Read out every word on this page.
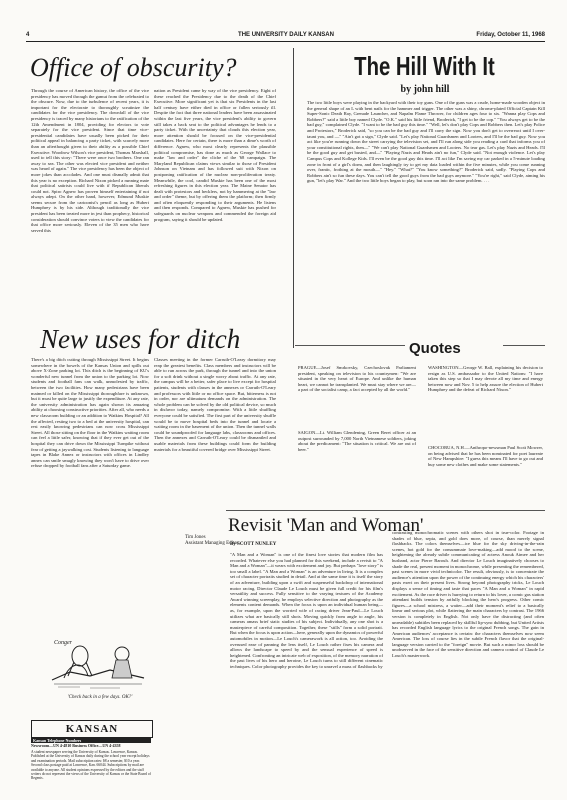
4	THE UNIVERSITY DAILY KANSAN	Friday, October 11, 1968
Office of obscurity?
Through the course of American history, the office of the vice presidency has moved through the gamut from the celebrated to the obscure. Now, due to the turbulence of recent years, it is important for the electorate to thoroughly scrutinize the candidates for the vice presidency. The downfall of the vice presidency is traced by many historians to the ratification of the 12th Amendment in 1804, providing for electors to vote separately for the vice president. Since that time vice-presidential candidates have usually been picked for their political appeal in balancing a party ticket, with scarcely more than an afterthought given to their ability as a possible Chief Executive. Woodrow Wilson's vice president, Thomas Marshall, used to tell this story: "There were once two brothers. One ran away to sea. The other was elected vice president and neither was heard of again." The vice presidency has been the object of more jokes than accolades. And one must dismally admit that this year is no exception. Richard Nixon picked a running mate that political satirists could live with if Republican liberals could not. Spiro Agnew has proven himself entertaining if not always adept. On the other hand, however, Edmund Muskie seems secure from the cartoonist's pencil as long as Hubert Humphrey is by his side. Although traditionally the vice president has been treated more in jest than prophecy, historical consideration should convince voters to view the candidates for that office more seriously. Eleven of the 35 men who have served this
nation as President came by way of the vice presidency. Eight of these reached the Presidency due to the death of the Chief Executive. More significant yet is that six Presidents in the last half century have either died in office or fallen seriously ill. Despite the fact that three national leaders have been assassinated within the last five years, the vice president's ability to govern still takes a back seat to the political advantages he lends to a party ticket. With the uncertainty that clouds this election year, more attention should be focused on the vice-presidential candidates. Here for certain, there is more than a dime's worth of difference. Agnew, who most clearly represents the plausible political compromise, has done as much as George Wallace to make "law and order" the cliche of the '68 campaign. The Maryland Republican claims views similar to those of President Johnson on Vietnam and has followed suit with Nixon on postponing ratification of the nuclear non-proliferation treaty. Meanwhile, the cool, candid Muskie has been one of the most refreshing figures in this election year. The Maine Senator has dealt with protestors and hecklers, not by hammering at the "law and order" theme, but by offering them the platform; then firmly and often eloquently responding to their arguments. He listens and then responds. Compared to Agnew, Muskie has pushed for safeguards on nuclear weapons and commended the foreign aid program, saying it should be updated.
The Hill With It
by john hill
The two little boys were playing in the backyard with their toy guns. One of the guns was a crude, home-made wooden object in the general shape of an L with bent nails for the hammer and trigger. The other was a shiny, chrome-plated Official Captain Kill Super-Sonic Death Ray, Grenade Launcher, and Napalm Flame Thrower, for children ages four to six. "Wanna play Cops and Robbers?" said a little boy named Clyde. "O.K." said his little friend, Broderick, "I get to be the cop." "You always get to be the bad guy," complained Clyde. "I want to be the bad guy this time." "Well, let's don't play Cops and Robbers then. Let's play Police and Protestors," Broderick said, "so you can be the bad guy and I'll carry the sign. Now you don't get to overreact until I over-taunt you, and —" "Ain't got a sign," Clyde said. "Let's play National Guardsmen and Looters, and I'll be the bad guy. Now you act like you're running down the street carrying the television set, and I'll run along side you reading a card that informs you of your constitutional rights, then—" "We can't play National Guardsmen and Looters. No tear gas. Let's play Nazis and Heads. I'll be the good guy and get busted, and—" "Playing Nazis and Heads ain't no fun," Clyde said. "Not enough violence. Let's play Campus Cops and Kollege Kids. I'll even be the good guy this time. I'll act like I'm saving my car parked in a 5-minute loading zone in front of a girl's dorm, and then laughingly try to get my data loaded within the five minutes, while you come running over, frantic, frothing at the mouth—" "Hey." "What?" "You know something?" Broderick said, sadly. "Playing Cops and Robbers ain't so fun these days. You can't tell the good guys from the bad guys anymore." "You're right," said Clyde, aiming his gun, "let's play War." And the two little boys began to play, but soon ran into the same problem. . . .
New uses for ditch
There's a big ditch cutting through Mississippi Street. It begins somewhere in the bowels of the Kansas Union and spills out above X-Zone parking lot. This ditch is the beginning of KU's wonderful new tunnel from the union to the parking lot. Now students and football fans can walk, unmolested by traffic, between the two facilities. How many pedestrians have been maimed or killed on the Mississippi thoroughfare is unknown, but it must be quite large to justify the expenditure. At any rate, the university administration has again shown its amazing ability at choosing constructive priorities. After all, who needs a new classroom building or an addition to Watkins Hospital? All the affected, resting two to a bed at the university hospital, can rest easily knowing pedestrians can now cross Mississippi Street. All those sitting on the floor in the Watkins waiting room can feel a little safer, knowing that if they ever get out of the hospital they can drive down the Mississippi Turnpike without fear of getting a jaywalking cost. Students listening to language tapes in Blake Annex or instructors with offices in Lindley annex can smile smugly knowing they won't have to drive over refuse dropped by football fans after a Saturday game.
Classes meeting in the former Carruth-O'Leary dormitory may reap the greatest benefits. Class members and instructors will be able to run across the park, through the tunnel and into the union for a soft drink without a single worry about traffic. At any rate, the campus will be a better, safer place to live except for hospital patients, students with classes in the annexes or Carruth-O'Leary and professors with little or no office space. But, bitterness is not in order, nor are ultimatum demands on the administration. The whole problem can be solved by the old political device, so much in disfavor today, namely compromise. With a little shuffling everyone could be satisfied. The first part of the university shuffle would be to move hospital beds into the tunnel and locate a waiting room in the basement of the union. Then the tunnel walls could be soundproofed for language labs, classrooms and offices. Then the annexes and Carruth-O'Leary could be dismantled and usable materials from these buildings could form the building materials for a beautiful covered bridge over Mississippi Street.
Tim Jones
Assistant Managing Editor
Quotes
PRAGUE—Josef Smrkovsky, Czechoslovak Parliament president, speaking on television to his countrymen: "We are situated in the very heart of Europe. And unlike the human heart, we cannot be transplanted. We must stay where we are—a part of the socialist camp, a fact accepted by all the world."
SAIGON—Lt. William Glendening, Green Beret officer at an outpost surrounded by 7,000 North Vietnamese soldiers, joking about the predicament: "The situation is critical. We are out of beer."
WASHINGTON—George W. Ball, explaining his decision to resign as U.S. ambassador to the United Nations: "I have taken this step so that I may devote all my time and energy between now and Nov. 5 to help assure the election of Hubert Humphrey and the defeat of Richard Nixon."
CHOCORUA, N.H.—Anthropo-newsman Paul Scott Mowrer, on being advised that he has been nominated for poet laureate of New Hampshire: "I guess this means I'll have to go out and buy some new clothes and make some statements."
Revisit 'Man and Woman'
By SCOTT NUNLEY
"A Man and a Woman" is one of the finest love stories that modern film has recorded. Whatever else you had planned for this weekend, include a revisit to "A Man and a Woman"—it wears with excitement and joy. But perhaps "love story" is too small a label. "A Man and a Woman" is an adventure in living. It is a complex set of character portraits studied in detail. And at the same time it is itself the story of an adventure, building upon a swift and suspenseful backdrop of international motor racing. Director Claude Le Louch must be given full credit for his film's versatility and success. Fully sensitive to the varying textures of the Academy Award winning screenplay, he employs selective direction and photography as the elements content demands. When the focus is upon an individual human being—as, for example, upon the worried wife of racing driver Jean-Paul—Le Louch utilizes what are basically still shots. Moving quickly from angle to angle, his cameras amass brief static studies of his subject. Individually, any one shot is a masterpiece of careful composition. Together, these "stills" form a solid portrait. But when the focus is upon action—here, generally upon the dynamics of powerful automobiles in motion—Le Louch's camerawork is all action, too. Avoiding the overused ease of panning the lens itself, Le Louch rather fixes his camera and allows the landscape to speed by and the sensual experience of speed is heightened. Confronting an intricate web of exposition, of the memory narration of the past lives of his hero and heroine, Le Louch turns to still different cinematic techniques. Color photography provides the key to unravel a mass of flashbacks by
contrasting monochromatic scenes with others shot in true-color. Footage in shades of blue, sepia, and gold does more, of course, than merely signal flashbacks. The colors themselves—ice blue for the sky driving-in-the-rain scenes, hot gold for the consummate love-making—add mood to the scene, heightening the already subtle communicating of actress Anouk Aimee and her husband, actor Pierre Barouh. And director Le Louch imaginatively chooses to shade the real, present moment in monochrome, while presenting the remembered, past scenes in more vivid technicolor. The result, obviously, is to concentrate the audience's attention upon the power of the continuing energy which his characters' pasts exert on their present lives. Strong beyond photography tricks, Le Louch displays a sense of timing and taste that paces "A Man and a Woman" in rapid excitement. As the race driver is hurrying to return to his lover, a comic gas station attendant builds tension by artfully blocking the hero's progress. Other comic figures—a school mistress, a waiter—add their moment's relief to a basically linear and serious plot, while flattering the main characters by contrast. The 1966 version is completely in English. Not only have the distracting (and often unreadable) subtitles been replaced by skillful lip-sync dubbing, but United Artists has recorded English language lyrics to the original French songs. The gain in American audiences' acceptance is certain: the characters themselves now seem American. The loss of course lies in the subtle French flavor that the original-language version carried to the "foreign" movie. But such a minor loss should be unobserved in the face of the sensitive direction and camera control of Claude Le Louch's masterwork.
Conger
'Check back in a few days. OK?'
KANSAN
Kansan Telephone Numbers
Newsroom—UN 4-4810 Business Office—UN 4-4358
A student newspaper serving the University of Kansas. Lawrence, Kansas. Published at the University of Kansas daily during the school year except holidays and examination periods. Mail subscription rates: $8 a semester, $10 a year. Second class postage paid at Lawrence, Kan. 66044. Subscriptions by mail are available to anyone. All student opinions expressed by the editors and the staff writers do not represent the views of the University of Kansas or the State Board of Regents.
